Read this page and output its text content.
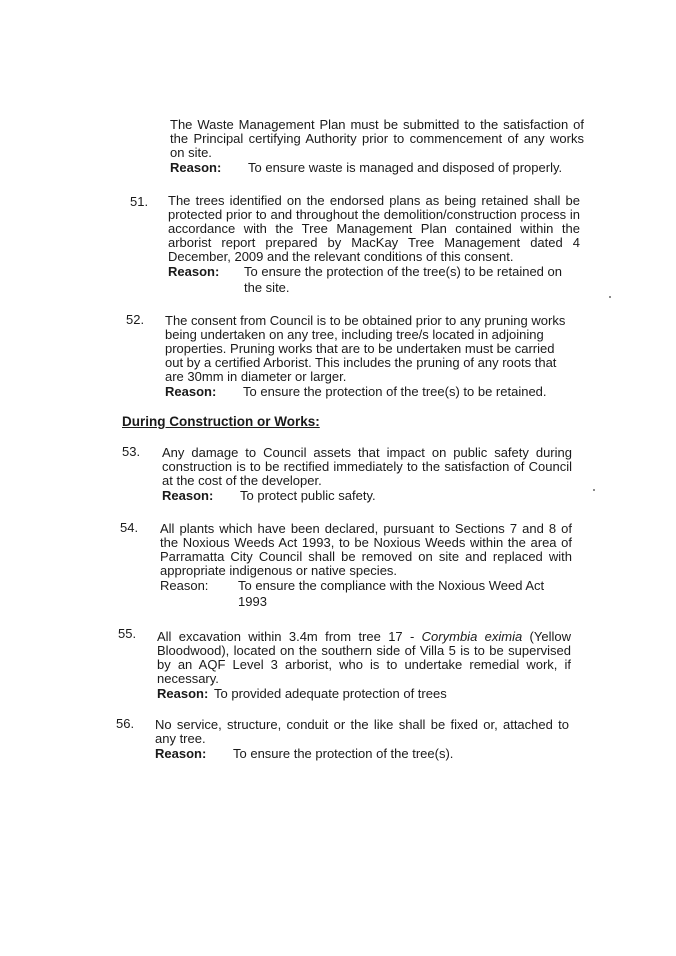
The Waste Management Plan must be submitted to the satisfaction of
the Principal certifying Authority prior to commencement of any works
on site.
Reason: To ensure waste is managed and disposed of properly.
51. The trees identified on the endorsed plans as being retained shall be
protected prior to and throughout the demolition/construction process in
accordance with the Tree Management Plan contained within the
arborist report prepared by MacKay Tree Management dated 4
December, 2009 and the relevant conditions of this consent.
Reason: To ensure the protection of the tree(s) to be retained on
the site.
52. The consent from Council is to be obtained prior to any pruning works
being undertaken on any tree, including tree/s located in adjoining
properties. Pruning works that are to be undertaken must be carried
out by a certified Arborist. This includes the pruning of any roots that
are 30mm in diameter or larger.
Reason: To ensure the protection of the tree(s) to be retained.
During Construction or Works:
53. Any damage to Council assets that impact on public safety during
construction is to be rectified immediately to the satisfaction of Council
at the cost of the developer.
Reason: To protect public safety.
54. All plants which have been declared, pursuant to Sections 7 and 8 of
the Noxious Weeds Act 1993, to be Noxious Weeds within the area of
Parramatta City Council shall be removed on site and replaced with
appropriate indigenous or native species.
Reason: To ensure the compliance with the Noxious Weed Act
1993
55. All excavation within 3.4m from tree 17 - Corymbia eximia (Yellow
Bloodwood), located on the southern side of Villa 5 is to be supervised
by an AQF Level 3 arborist, who is to undertake remedial work, if
necessary.
Reason: To provided adequate protection of trees
56. No service, structure, conduit or the like shall be fixed or, attached to
any tree.
Reason: To ensure the protection of the tree(s).
